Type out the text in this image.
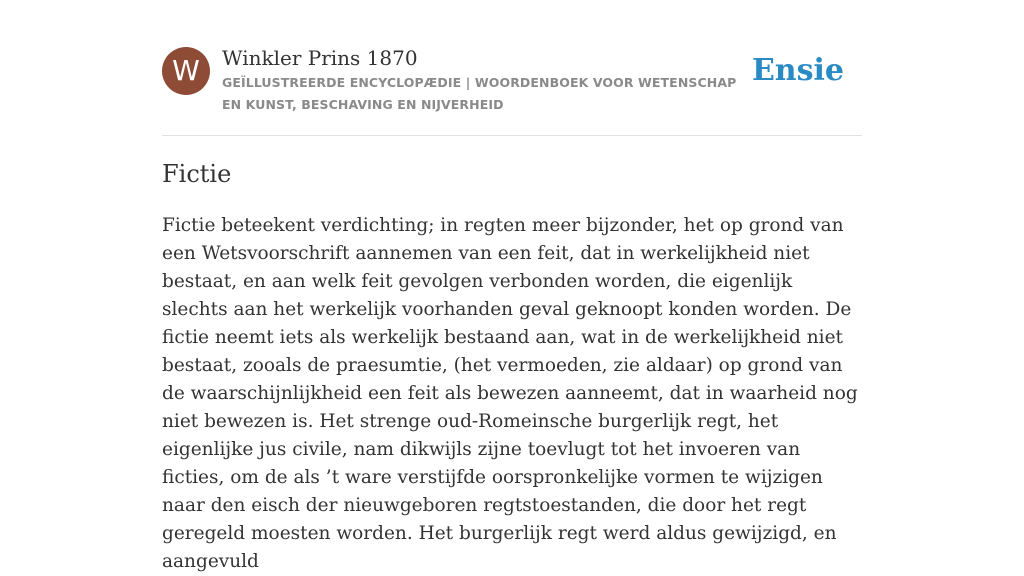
W	Winkler Prins 1870
GEÏLLUSTREERDE ENCYCLOPÆDIE | WOORDENBOEK VOOR WETENSCHAP EN KUNST, BESCHAVING EN NIJVERHEID
Ensie
Fictie

Fictie beteekent verdichting; in regten meer bijzonder, het op grond van een Wetsvoorschrift aannemen van een feit, dat in werkelijkheid niet bestaat, en aan welk feit gevolgen verbonden worden, die eigenlijk slechts aan het werkelijk voorhanden geval geknoopt konden worden. De fictie neemt iets als werkelijk bestaand aan, wat in de werkelijkheid niet bestaat, zooals de praesumtie, (het vermoeden, zie aldaar) op grond van de waarschijnlijkheid een feit als bewezen aanneemt, dat in waarheid nog niet bewezen is. Het strenge oud-Romeinsche burgerlijk regt, het eigenlijke jus civile, nam dikwijls zijne toevlugt tot het invoeren van ficties, om de als ’t ware verstijfde oorspronkelijke vormen te wijzigen naar den eisch der nieuwgeboren regtstoestanden, die door het regt geregeld moesten worden. Het burgerlijk regt werd aldus gewijzigd, en aangevuld
